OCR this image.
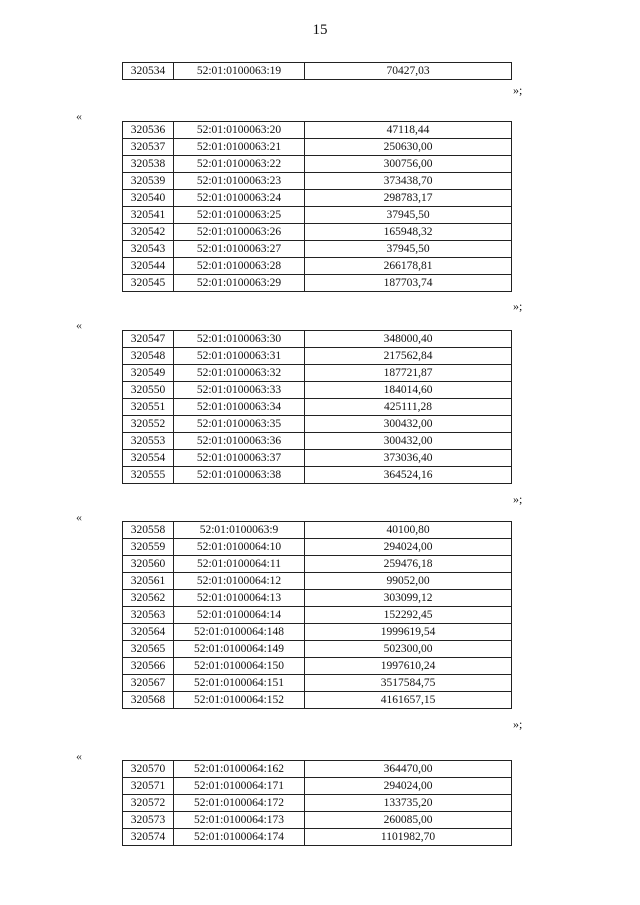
15
320534	52:01:0100063:19	70427,03
»;
«
320536	52:01:0100063:20	47118,44
320537	52:01:0100063:21	250630,00
320538	52:01:0100063:22	300756,00
320539	52:01:0100063:23	373438,70
320540	52:01:0100063:24	298783,17
320541	52:01:0100063:25	37945,50
320542	52:01:0100063:26	165948,32
320543	52:01:0100063:27	37945,50
320544	52:01:0100063:28	266178,81
320545	52:01:0100063:29	187703,74
»;
«
320547	52:01:0100063:30	348000,40
320548	52:01:0100063:31	217562,84
320549	52:01:0100063:32	187721,87
320550	52:01:0100063:33	184014,60
320551	52:01:0100063:34	425111,28
320552	52:01:0100063:35	300432,00
320553	52:01:0100063:36	300432,00
320554	52:01:0100063:37	373036,40
320555	52:01:0100063:38	364524,16
»;
«
320558	52:01:0100063:9	40100,80
320559	52:01:0100064:10	294024,00
320560	52:01:0100064:11	259476,18
320561	52:01:0100064:12	99052,00
320562	52:01:0100064:13	303099,12
320563	52:01:0100064:14	152292,45
320564	52:01:0100064:148	1999619,54
320565	52:01:0100064:149	502300,00
320566	52:01:0100064:150	1997610,24
320567	52:01:0100064:151	3517584,75
320568	52:01:0100064:152	4161657,15
»;
«
320570	52:01:0100064:162	364470,00
320571	52:01:0100064:171	294024,00
320572	52:01:0100064:172	133735,20
320573	52:01:0100064:173	260085,00
320574	52:01:0100064:174	1101982,70
